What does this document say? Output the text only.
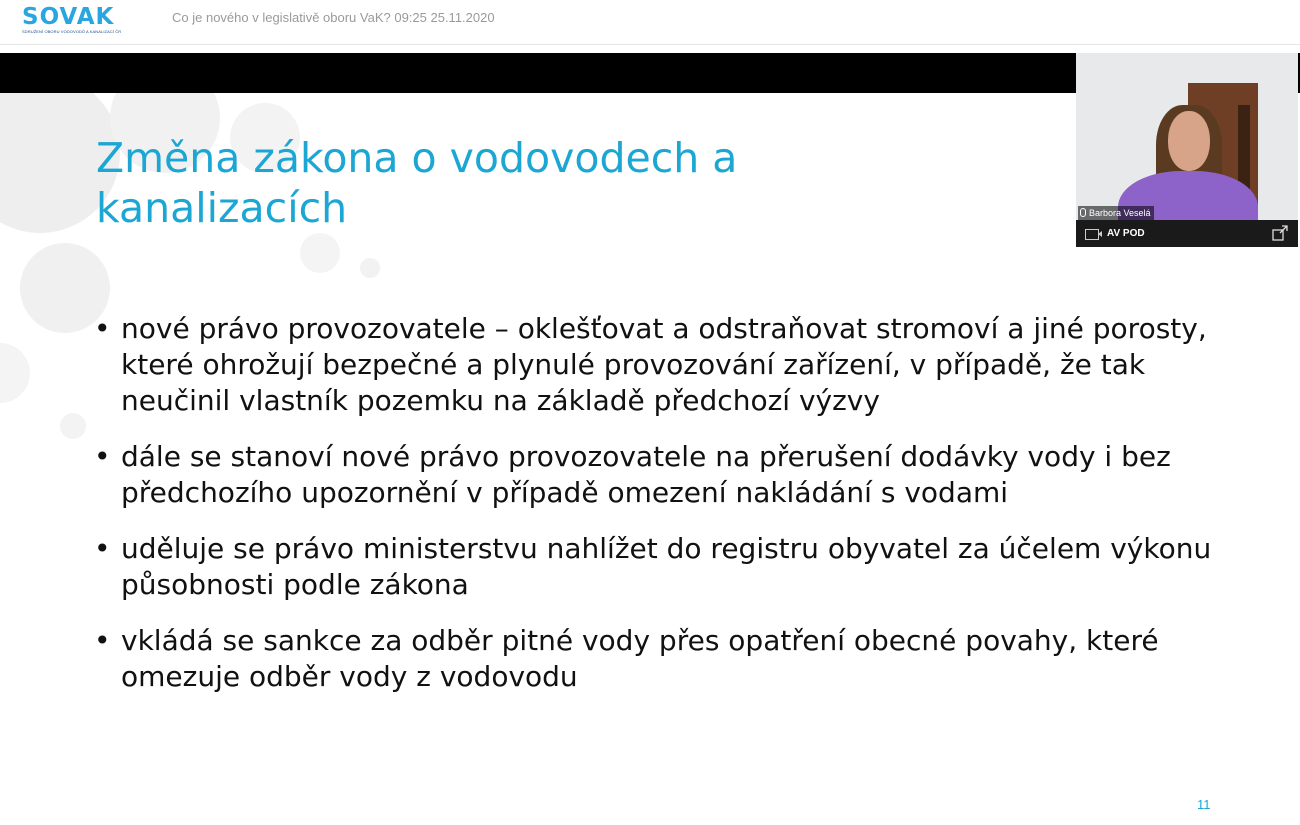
SOVAK
SDRUŽENÍ OBORU VODOVODŮ A KANALIZACÍ ČR
Co je nového v legislativě oboru VaK? 09:25 25.11.2020
Změna zákona o vodovodech a kanalizacích
• nové právo provozovatele – oklešťovat a odstraňovat stromoví a jiné porosty, které ohrožují bezpečné a plynulé provozování zařízení, v případě, že tak neučinil vlastník pozemku na základě předchozí výzvy
• dále se stanoví nové právo provozovatele na přerušení dodávky vody i bez předchozího upozornění v případě omezení nakládání s vodami
• uděluje se právo ministerstvu nahlížet do registru obyvatel za účelem výkonu působnosti podle zákona
• vkládá se sankce za odběr pitné vody přes opatření obecné povahy, které omezuje odběr vody z vodovodu
11
Barbora Veselá
AV POD
